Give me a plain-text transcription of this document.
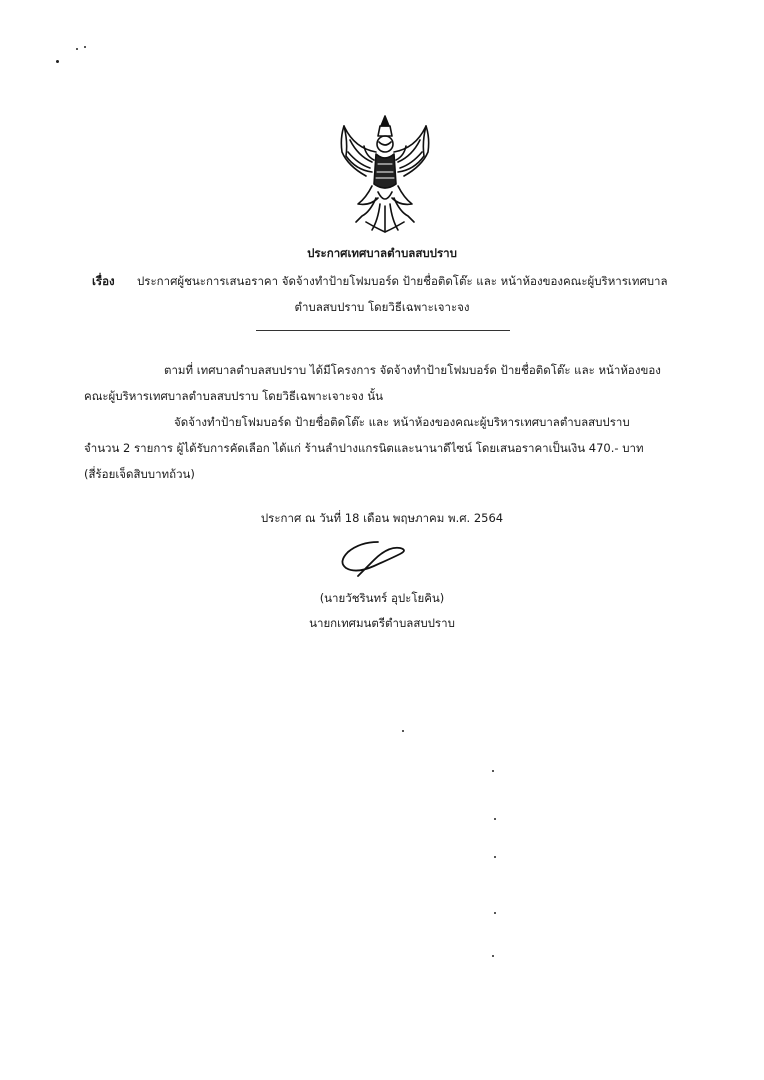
ประกาศเทศบาลตำบลสบปราบ
เรื่อง ประกาศผู้ชนะการเสนอราคา จัดจ้างทำป้ายโฟมบอร์ด ป้ายชื่อติดโต๊ะ และ หน้าห้องของคณะผู้บริหารเทศบาล
ตำบลสบปราบ โดยวิธีเฉพาะเจาะจง
ตามที่ เทศบาลตำบลสบปราบ ได้มีโครงการ จัดจ้างทำป้ายโฟมบอร์ด ป้ายชื่อติดโต๊ะ และ หน้าห้องของ
คณะผู้บริหารเทศบาลตำบลสบปราบ โดยวิธีเฉพาะเจาะจง นั้น
จัดจ้างทำป้ายโฟมบอร์ด ป้ายชื่อติดโต๊ะ และ หน้าห้องของคณะผู้บริหารเทศบาลตำบลสบปราบ
จำนวน 2 รายการ ผู้ได้รับการคัดเลือก ได้แก่ ร้านลำปางแกรนิตและนานาดีไซน์ โดยเสนอราคาเป็นเงิน 470.- บาท
(สี่ร้อยเจ็ดสิบบาทถ้วน)
ประกาศ ณ วันที่ 18 เดือน พฤษภาคม พ.ศ. 2564
(นายวัชรินทร์ อุปะโยคิน)
นายกเทศมนตรีตำบลสบปราบ
